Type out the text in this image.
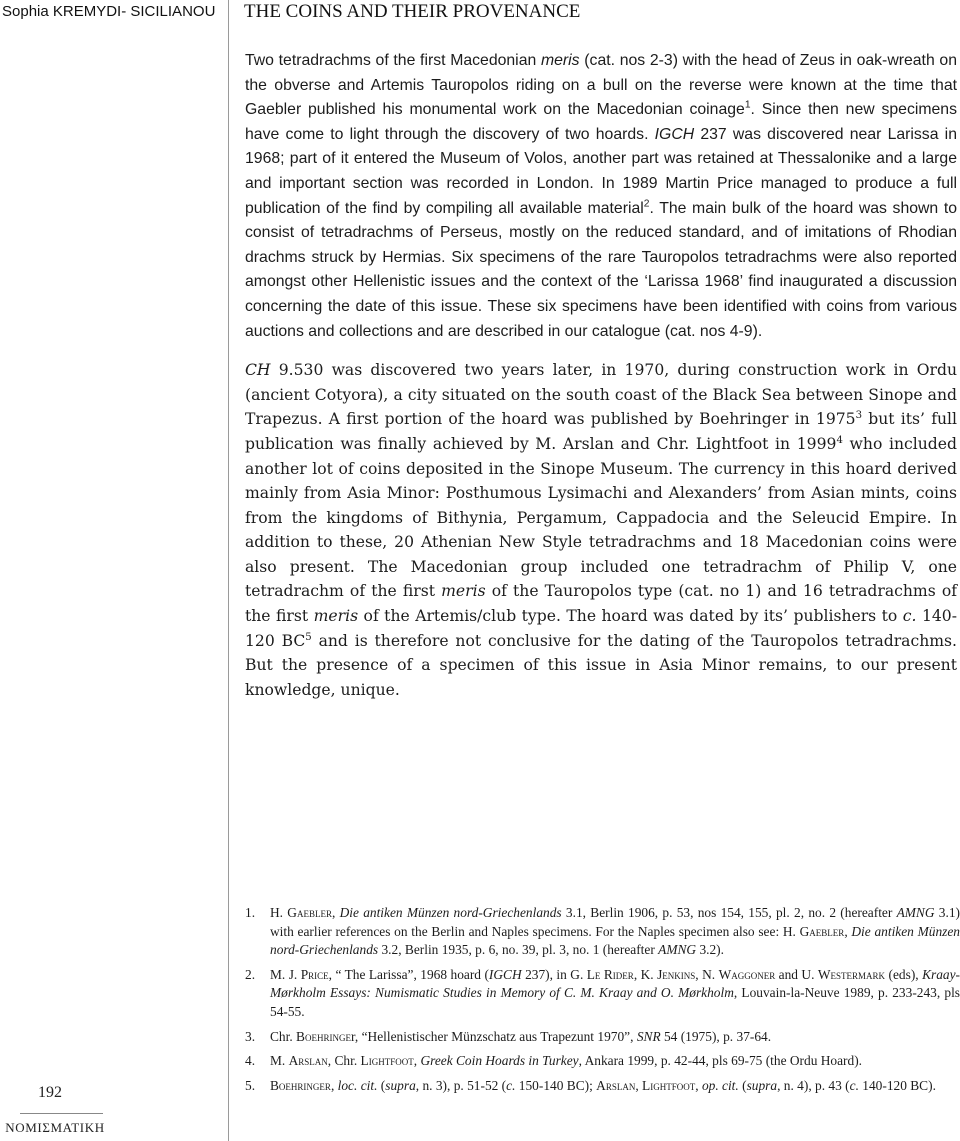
Sophia KREMYDI- SICILIANOU	THE COINS AND THEIR PROVENANCE

Two tetradrachms of the first Macedonian meris (cat. nos 2-3) with the head of Zeus in oak-wreath on the obverse and Artemis Tauropolos riding on a bull on the reverse were known at the time that Gaebler published his monumental work on the Macedonian coinage$^1$. Since then new specimens have come to light through the discovery of two hoards. IGCH 237 was discovered near Larissa in 1968; part of it entered the Museum of Volos, another part was retained at Thessalonike and a large and important section was recorded in London. In 1989 Martin Price managed to produce a full publication of the find by compiling all available material$^2$. The main bulk of the hoard was shown to consist of tetradrachms of Perseus, mostly on the reduced standard, and of imitations of Rhodian drachms struck by Hermias. Six specimens of the rare Tauropolos tetradrachms were also reported amongst other Hellenistic issues and the context of the ‘Larissa 1968’ find inaugurated a discussion concerning the date of this issue. These six specimens have been identified with coins from various auctions and collections and are described in our catalogue (cat. nos 4-9).

CH 9.530 was discovered two years later, in 1970, during construction work in Ordu (ancient Cotyora), a city situated on the south coast of the Black Sea between Sinope and Trapezus. A first portion of the hoard was published by Boehringer in 1975$^3$ but its’ full publication was finally achieved by M. Arslan and Chr. Lightfoot in 1999$^4$ who included another lot of coins deposited in the Sinope Museum. The currency in this hoard derived mainly from Asia Minor: Posthumous Lysimachi and Alexanders’ from Asian mints, coins from the kingdoms of Bithynia, Pergamum, Cappadocia and the Seleucid Empire. In addition to these, 20 Athenian New Style tetradrachms and 18 Macedonian coins were also present. The Macedonian group included one tetradrachm of Philip V, one tetradrachm of the first meris of the Tauropolos type (cat. no 1) and 16 tetradrachms of the first meris of the Artemis/club type. The hoard was dated by its’ publishers to c. 140-120 $BC^5$ and is therefore not conclusive for the dating of the Tauropolos tetradrachms. But the presence of a specimen of this issue in Asia Minor remains, to our present knowledge, unique.

1. H. Gaebler, Die antiken Münzen nord-Griechenlands 3.1, Berlin 1906, p. 53, nos 154, 155, pl. 2, no. 2 (hereafter AMNG 3.1) with earlier references on the Berlin and Naples specimens. For the Naples specimen also see: H. Gaebler, Die antiken Münzen nord-Griechenlands 3.2, Berlin 1935, p. 6, no. 39, pl. 3, no. 1 (hereafter AMNG 3.2).
2. M. J. Price, “ The Larissa”, 1968 hoard (IGCH 237), in G. Le Rider, K. Jenkins, N. Waggoner and U. Westermark (eds), Kraay-Mørkholm Essays: Numismatic Studies in Memory of C. M. Kraay and O. Mørkholm, Louvain-la-Neuve 1989, p. 233-243, pls 54-55.
3. Chr. Boehringer, “Hellenistischer Münzschatz aus Trapezunt 1970”, SNR 54 (1975), p. 37-64.
4. M. Arslan, Chr. Lightfoot, Greek Coin Hoards in Turkey, Ankara 1999, p. 42-44, pls 69-75 (the Ordu Hoard).
5. Boehringer, loc. cit. (supra, n. 3), p. 51-52 (c. 150-140 BC); Arslan, Lightfoot, op. cit. (supra, n. 4), p. 43 (c. 140-120 BC).
192
ΝΟΜΙΣΜΑΤΙΚΗ
